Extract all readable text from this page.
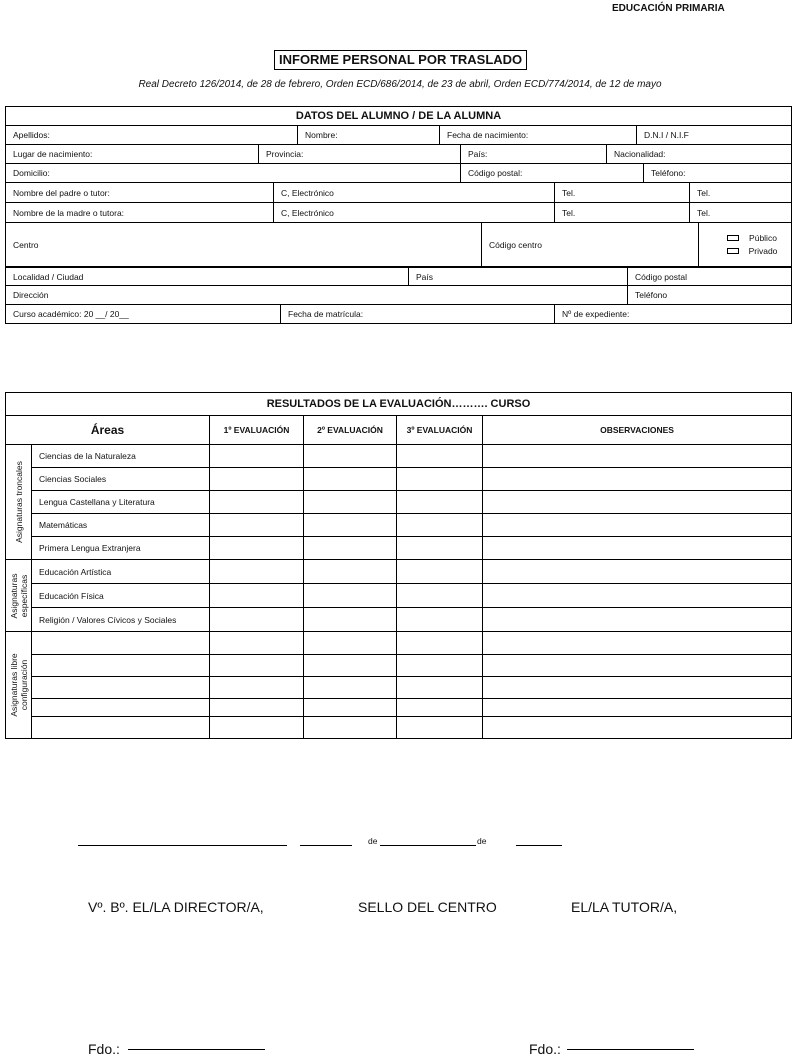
EDUCACIÓN PRIMARIA
INFORME PERSONAL POR TRASLADO
Real Decreto 126/2014, de 28 de febrero, Orden ECD/686/2014, de 23 de abril, Orden ECD/774/2014, de 12 de mayo
DATOS DEL ALUMNO / DE LA ALUMNA
Apellidos:	Nombre:	Fecha de nacimiento:	D.N.I / N.I.F
Lugar de nacimiento:	Provincia:	País:	Nacionalidad:
Domicilio:	Código postal:	Teléfono:
Nombre del padre o tutor:	C, Electrónico	Tel.	Tel.
Nombre de la madre o tutora:	C, Electrónico	Tel.	Tel.
Centro	Código centro
Público
Privado
Localidad / Ciudad	País	Código postal
Dirección	Teléfono
Curso académico: 20 __/ 20__	Fecha de matrícula:	Nº de expediente:
RESULTADOS DE LA EVALUACIÓN………. CURSO					
Áreas		1º EVALUACIÓN	2º EVALUACIÓN	3º EVALUACIÓN	OBSERVACIONES

Asignaturas troncales	Ciencias de la Naturaleza				
	Ciencias Sociales				
	Lengua Castellana y Literatura				
	Matemáticas				
	Primera Lengua Extranjera				

Asignaturas específicas	Educación Artística				
	Educación Física				
	Religión / Valores Cívicos y Sociales				

Asignaturas libre configuración					

de	de
Vº. Bº. EL/LA DIRECTOR/A,	SELLO DEL CENTRO	EL/LA TUTOR/A,
Fdo.:	Fdo.:
